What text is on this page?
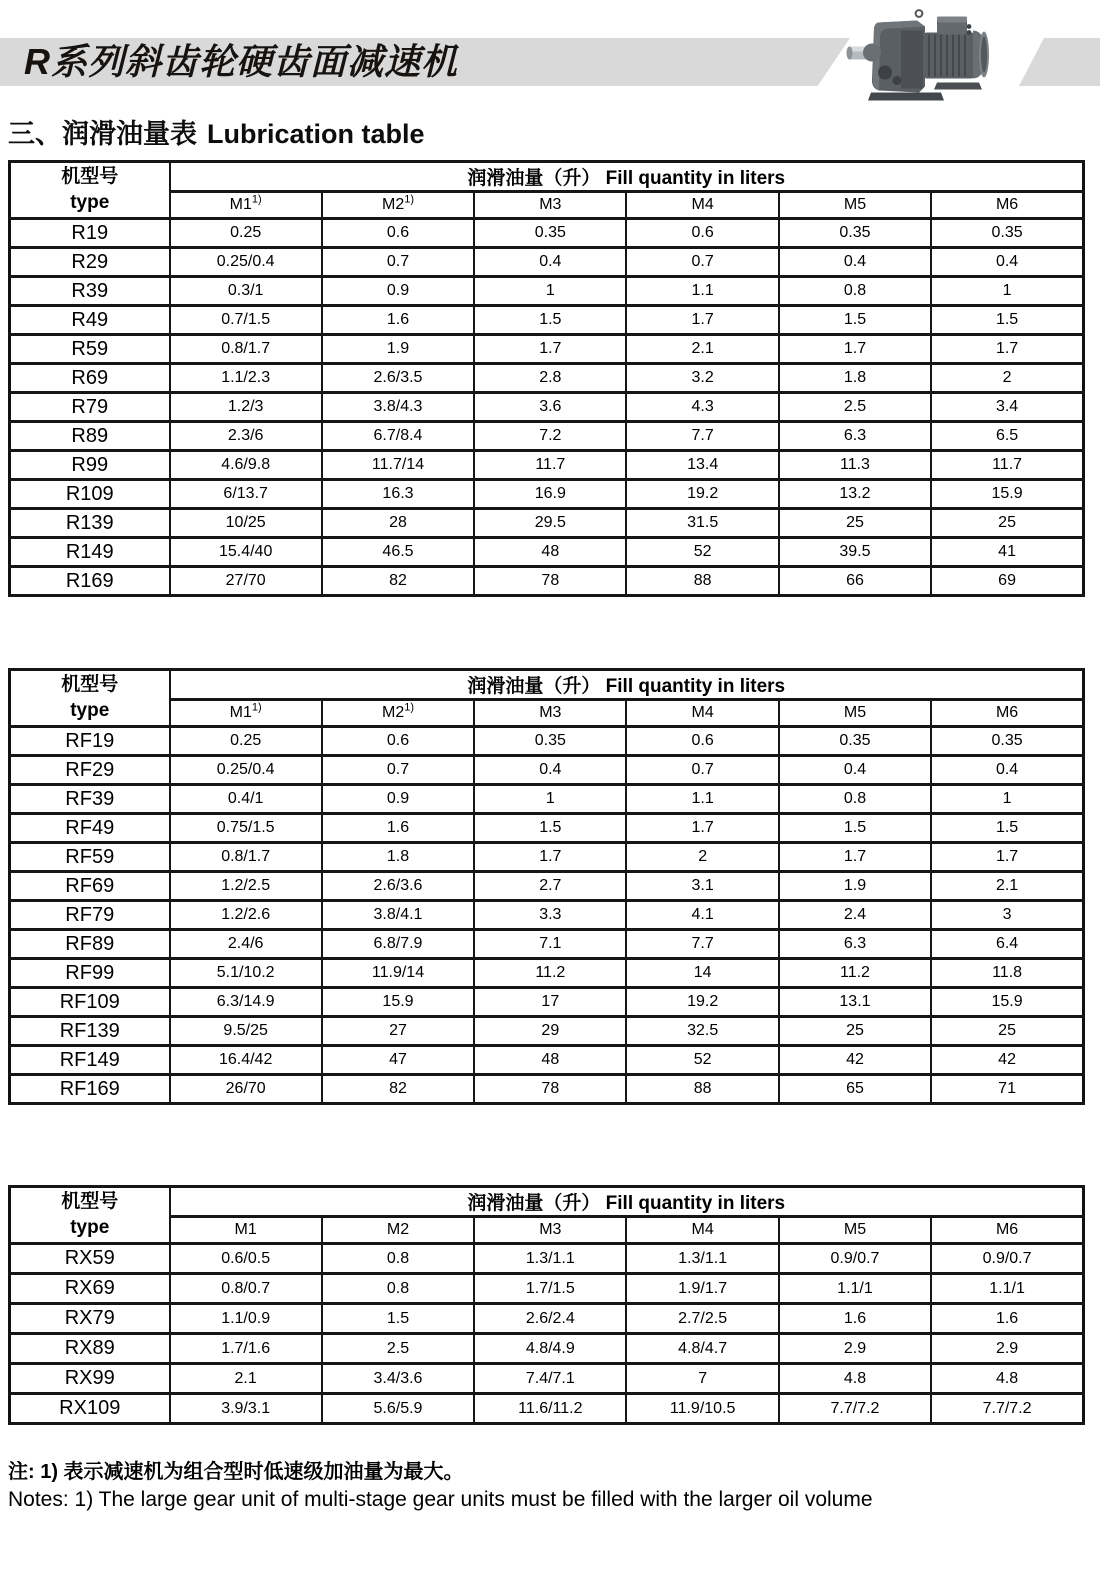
R系列斜齿轮硬齿面减速机
三、润滑油量表 Lubrication table
机型号
type	润滑油量（升） Fill quantity in liters					
	M1$^{1)}$	M2$^{1)}$	M3	M4	M5	M6
R19	0.25	0.6	0.35	0.6	0.35	0.35
R29	0.25/0.4	0.7	0.4	0.7	0.4	0.4
R39	0.3/1	0.9	1	1.1	0.8	1
R49	0.7/1.5	1.6	1.5	1.7	1.5	1.5
R59	0.8/1.7	1.9	1.7	2.1	1.7	1.7
R69	1.1/2.3	2.6/3.5	2.8	3.2	1.8	2
R79	1.2/3	3.8/4.3	3.6	4.3	2.5	3.4
R89	2.3/6	6.7/8.4	7.2	7.7	6.3	6.5
R99	4.6/9.8	11.7/14	11.7	13.4	11.3	11.7
R109	6/13.7	16.3	16.9	19.2	13.2	15.9
R139	10/25	28	29.5	31.5	25	25
R149	15.4/40	46.5	48	52	39.5	41
R169	27/70	82	78	88	66	69
机型号
type	润滑油量（升） Fill quantity in liters					
	M1$^{1)}$	M2$^{1)}$	M3	M4	M5	M6
RF19	0.25	0.6	0.35	0.6	0.35	0.35
RF29	0.25/0.4	0.7	0.4	0.7	0.4	0.4
RF39	0.4/1	0.9	1	1.1	0.8	1
RF49	0.75/1.5	1.6	1.5	1.7	1.5	1.5
RF59	0.8/1.7	1.8	1.7	2	1.7	1.7
RF69	1.2/2.5	2.6/3.6	2.7	3.1	1.9	2.1
RF79	1.2/2.6	3.8/4.1	3.3	4.1	2.4	3
RF89	2.4/6	6.8/7.9	7.1	7.7	6.3	6.4
RF99	5.1/10.2	11.9/14	11.2	14	11.2	11.8
RF109	6.3/14.9	15.9	17	19.2	13.1	15.9
RF139	9.5/25	27	29	32.5	25	25
RF149	16.4/42	47	48	52	42	42
RF169	26/70	82	78	88	65	71
机型号
type	润滑油量（升） Fill quantity in liters					
	M1	M2	M3	M4	M5	M6
RX59	0.6/0.5	0.8	1.3/1.1	1.3/1.1	0.9/0.7	0.9/0.7
RX69	0.8/0.7	0.8	1.7/1.5	1.9/1.7	1.1/1	1.1/1
RX79	1.1/0.9	1.5	2.6/2.4	2.7/2.5	1.6	1.6
RX89	1.7/1.6	2.5	4.8/4.9	4.8/4.7	2.9	2.9
RX99	2.1	3.4/3.6	7.4/7.1	7	4.8	4.8
RX109	3.9/3.1	5.6/5.9	11.6/11.2	11.9/10.5	7.7/7.2	7.7/7.2
注: 1) 表示减速机为组合型时低速级加油量为最大。
Notes: 1) The large gear unit of multi-stage gear units must be filled with the larger oil volume
